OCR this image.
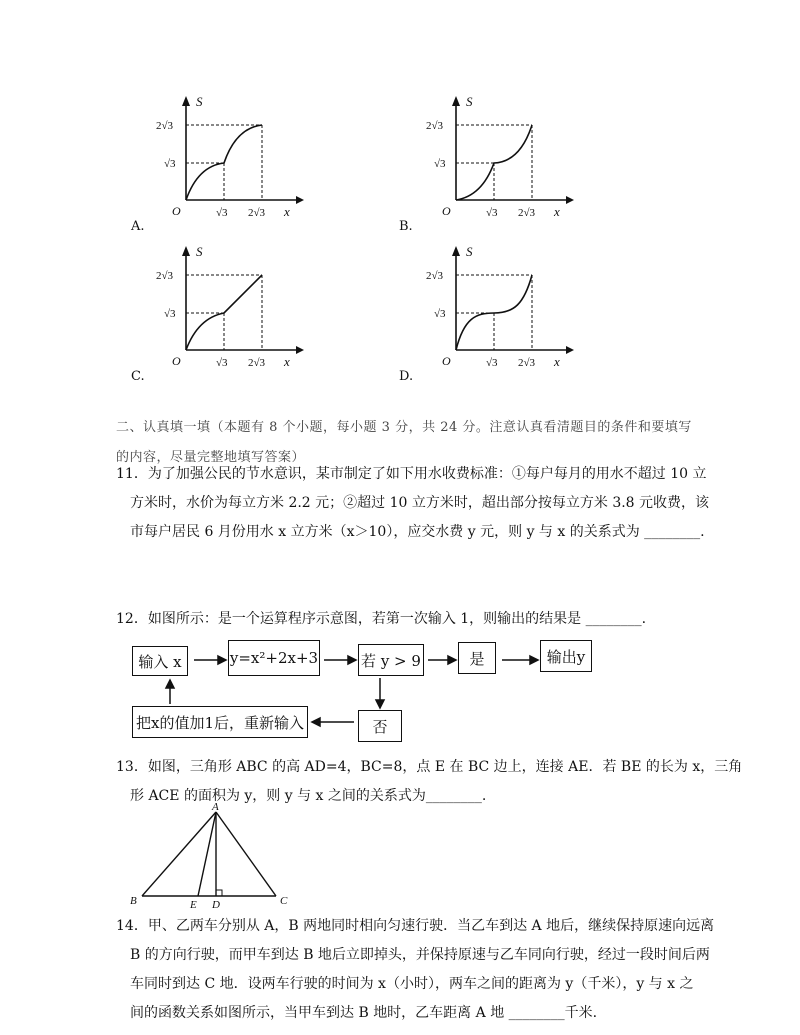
S
x
O
√3
2√3
√3 2√3
A.
S
x
O
√3
2√3
√3 2√3
B.
S
x
O
√3
2√3
√3 2√3
C.
S
x
O
√3
2√3
√3 2√3
D.
二、认真填一填（本题有 8 个小题，每小题 3 分，共 24 分。注意认真看清题目的条件和要填写
的内容，尽量完整地填写答案）
11．为了加强公民的节水意识，某市制定了如下用水收费标准：①每户每月的用水不超过 10 立
方米时，水价为每立方米 2.2 元；②超过 10 立方米时，超出部分按每立方米 3.8 元收费，该
市每户居民 6 月份用水 x 立方米（x＞10），应交水费 y 元，则 y 与 x 的关系式为 ________.
12．如图所示：是一个运算程序示意图，若第一次输入 1，则输出的结果是 ________.
输入 x	y=x²+2x+3	若 y > 9	是	输出y
否
把x的值加1后，重新输入
13．如图，三角形 ABC 的高 AD=4，BC=8，点 E 在 BC 边上，连接 AE．若 BE 的长为 x，三角
形 ACE 的面积为 y，则 y 与 x 之间的关系式为________.
A
B	C
E D
14．甲、乙两车分别从 A，B 两地同时相向匀速行驶．当乙车到达 A 地后，继续保持原速向远离
B 的方向行驶，而甲车到达 B 地后立即掉头，并保持原速与乙车同向行驶，经过一段时间后两
车同时到达 C 地．设两车行驶的时间为 x（小时），两车之间的距离为 y（千米），y 与 x 之
间的函数关系如图所示，当甲车到达 B 地时，乙车距离 A 地 ________千米.
